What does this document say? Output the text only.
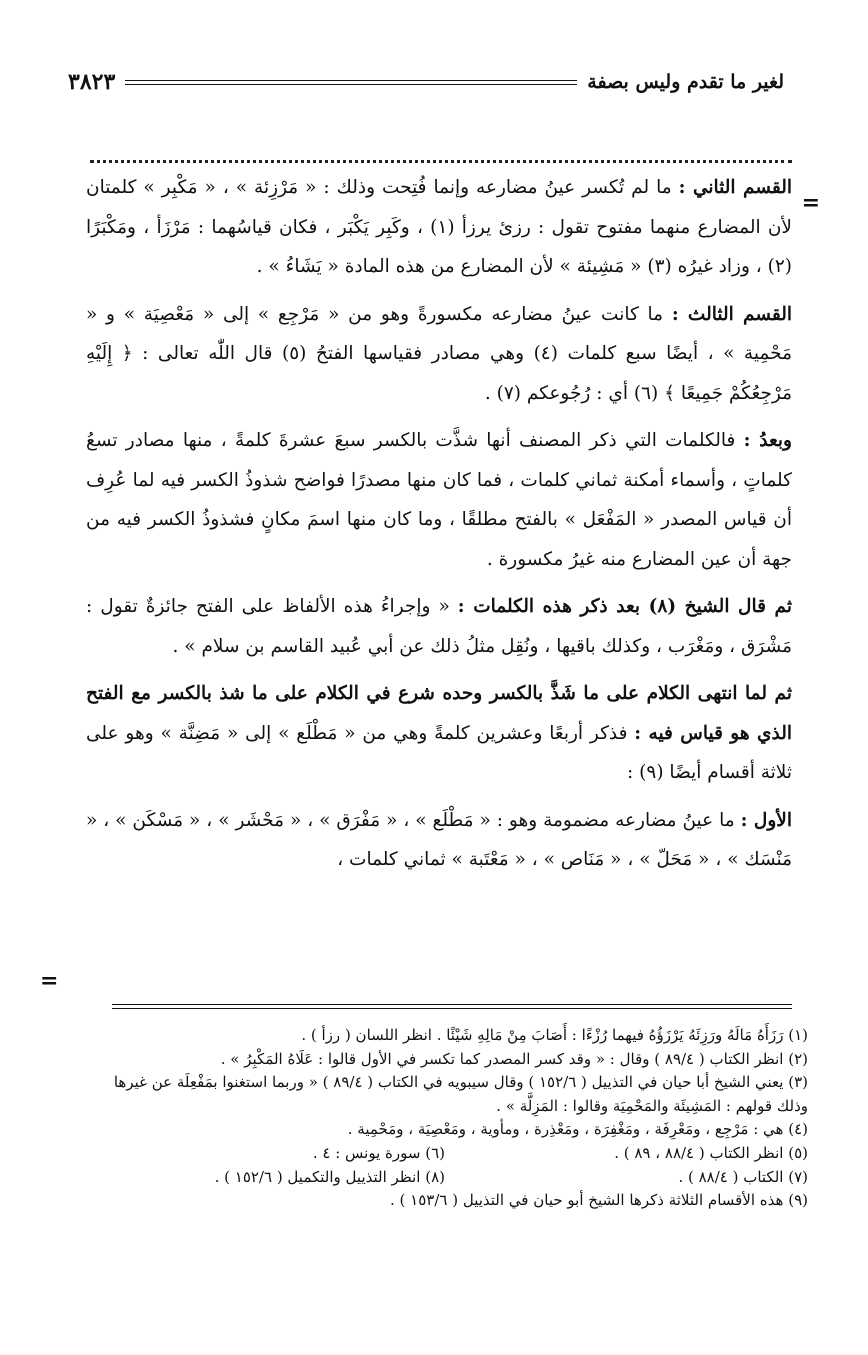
لغير ما تقدم وليس بصفة
٣٨٢٣
=

القسم الثاني : ما لم تُكسر عينُ مضارعه وإنما فُتِحت وذلك : « مَرْزِئة » ، « مَكْبِر » كلمتان لأن المضارع منهما مفتوح تقول : رزئ يرزأ (١) ، وكَبِر يَكْبَر ، فكان قياسُهما : مَرْزَأ ، ومَكْبَرًا (٢) ، وزاد غيرُه (٣) « مَشِيئة » لأن المضارع من هذه المادة « يَشَاءُ » .

القسم الثالث : ما كانت عينُ مضارعه مكسورةً وهو من « مَرْجِع » إلى « مَعْصِيَة » و « مَحْمِية » ، أيضًا سبع كلمات (٤) وهي مصادر فقياسها الفتحُ (٥) قال اللّٰه تعالى : ﴿ إِلَيْهِ مَرْجِعُكُمْ جَمِيعًا ﴾ (٦) أي : رُجُوعكم (٧) .

وبعدُ : فالكلمات التي ذكر المصنف أنها شذَّت بالكسر سبعَ عشرةَ كلمةً ، منها مصادر تسعُ كلماتٍ ، وأسماء أمكنة ثماني كلمات ، فما كان منها مصدرًا فواضح شذوذُ الكسر فيه لما عُرِف أن قياس المصدر « المَفْعَل » بالفتح مطلقًا ، وما كان منها اسمَ مكانٍ فشذوذُ الكسر فيه من جهة أن عين المضارع منه غيرُ مكسورة .

ثم قال الشيخ (٨) بعد ذكر هذه الكلمات : « وإجراءُ هذه الألفاظ على الفتح جائزةٌ تقول : مَشْرَق ، ومَغْرَب ، وكذلك باقيها ، ونُقِل مثلُ ذلك عن أبي عُبيد القاسم بن سلام » .

ثم لما انتهى الكلام على ما شَذَّ بالكسر وحده شرع في الكلام على ما شذ بالكسر مع الفتح الذي هو قياس فيه : فذكر أربعًا وعشرين كلمةً وهي من « مَطْلَع » إلى « مَضِنَّة » وهو على ثلاثة أقسام أيضًا (٩) :

الأول : ما عينُ مضارعه مضمومة وهو : « مَطْلَع » ، « مَفْرَق » ، « مَحْشَر » ، « مَسْكَن » ، « مَنْسَك » ، « مَحَلّ » ، « مَنَاص » ، « مَعْتَبة » ثماني كلمات ،

=

(١) رَزَأَهُ مَالَهُ ورَزِئَهُ يَرْزَؤُهُ فيهما رُزْءًا : أَصَابَ مِنْ مَالِهِ شَيْئًا . انظر اللسان ( رزأ ) .

(٢) انظر الكتاب ( ٨٩/٤ ) وقال : « وقد كسر المصدر كما تكسر في الأول قالوا : عَلَاهُ المَكْبِرُ » .

(٣) يعني الشيخ أبا حيان في التذييل ( ١٥٢/٦ ) وقال سيبويه في الكتاب ( ٨٩/٤ ) « وربما استغنوا بمَفْعِلَة عن غيرها وذلك قولهم : المَشِيئَة والمَحْمِيَة وقالوا : المَزِلَّة » .

(٤) هي : مَرْجِع ، ومَعْرِفَة ، ومَغْفِرَة ، ومَعْذِرة ، ومأوية ، ومَعْصِيَة ، ومَحْمِية .

(٥) انظر الكتاب ( ٨٨/٤ ، ٨٩ ) .
(٦) سورة يونس : ٤ .
(٧) الكتاب ( ٨٨/٤ ) .
(٨) انظر التذييل والتكميل ( ١٥٢/٦ ) .

(٩) هذه الأقسام الثلاثة ذكرها الشيخ أبو حيان في التذييل ( ١٥٣/٦ ) .
